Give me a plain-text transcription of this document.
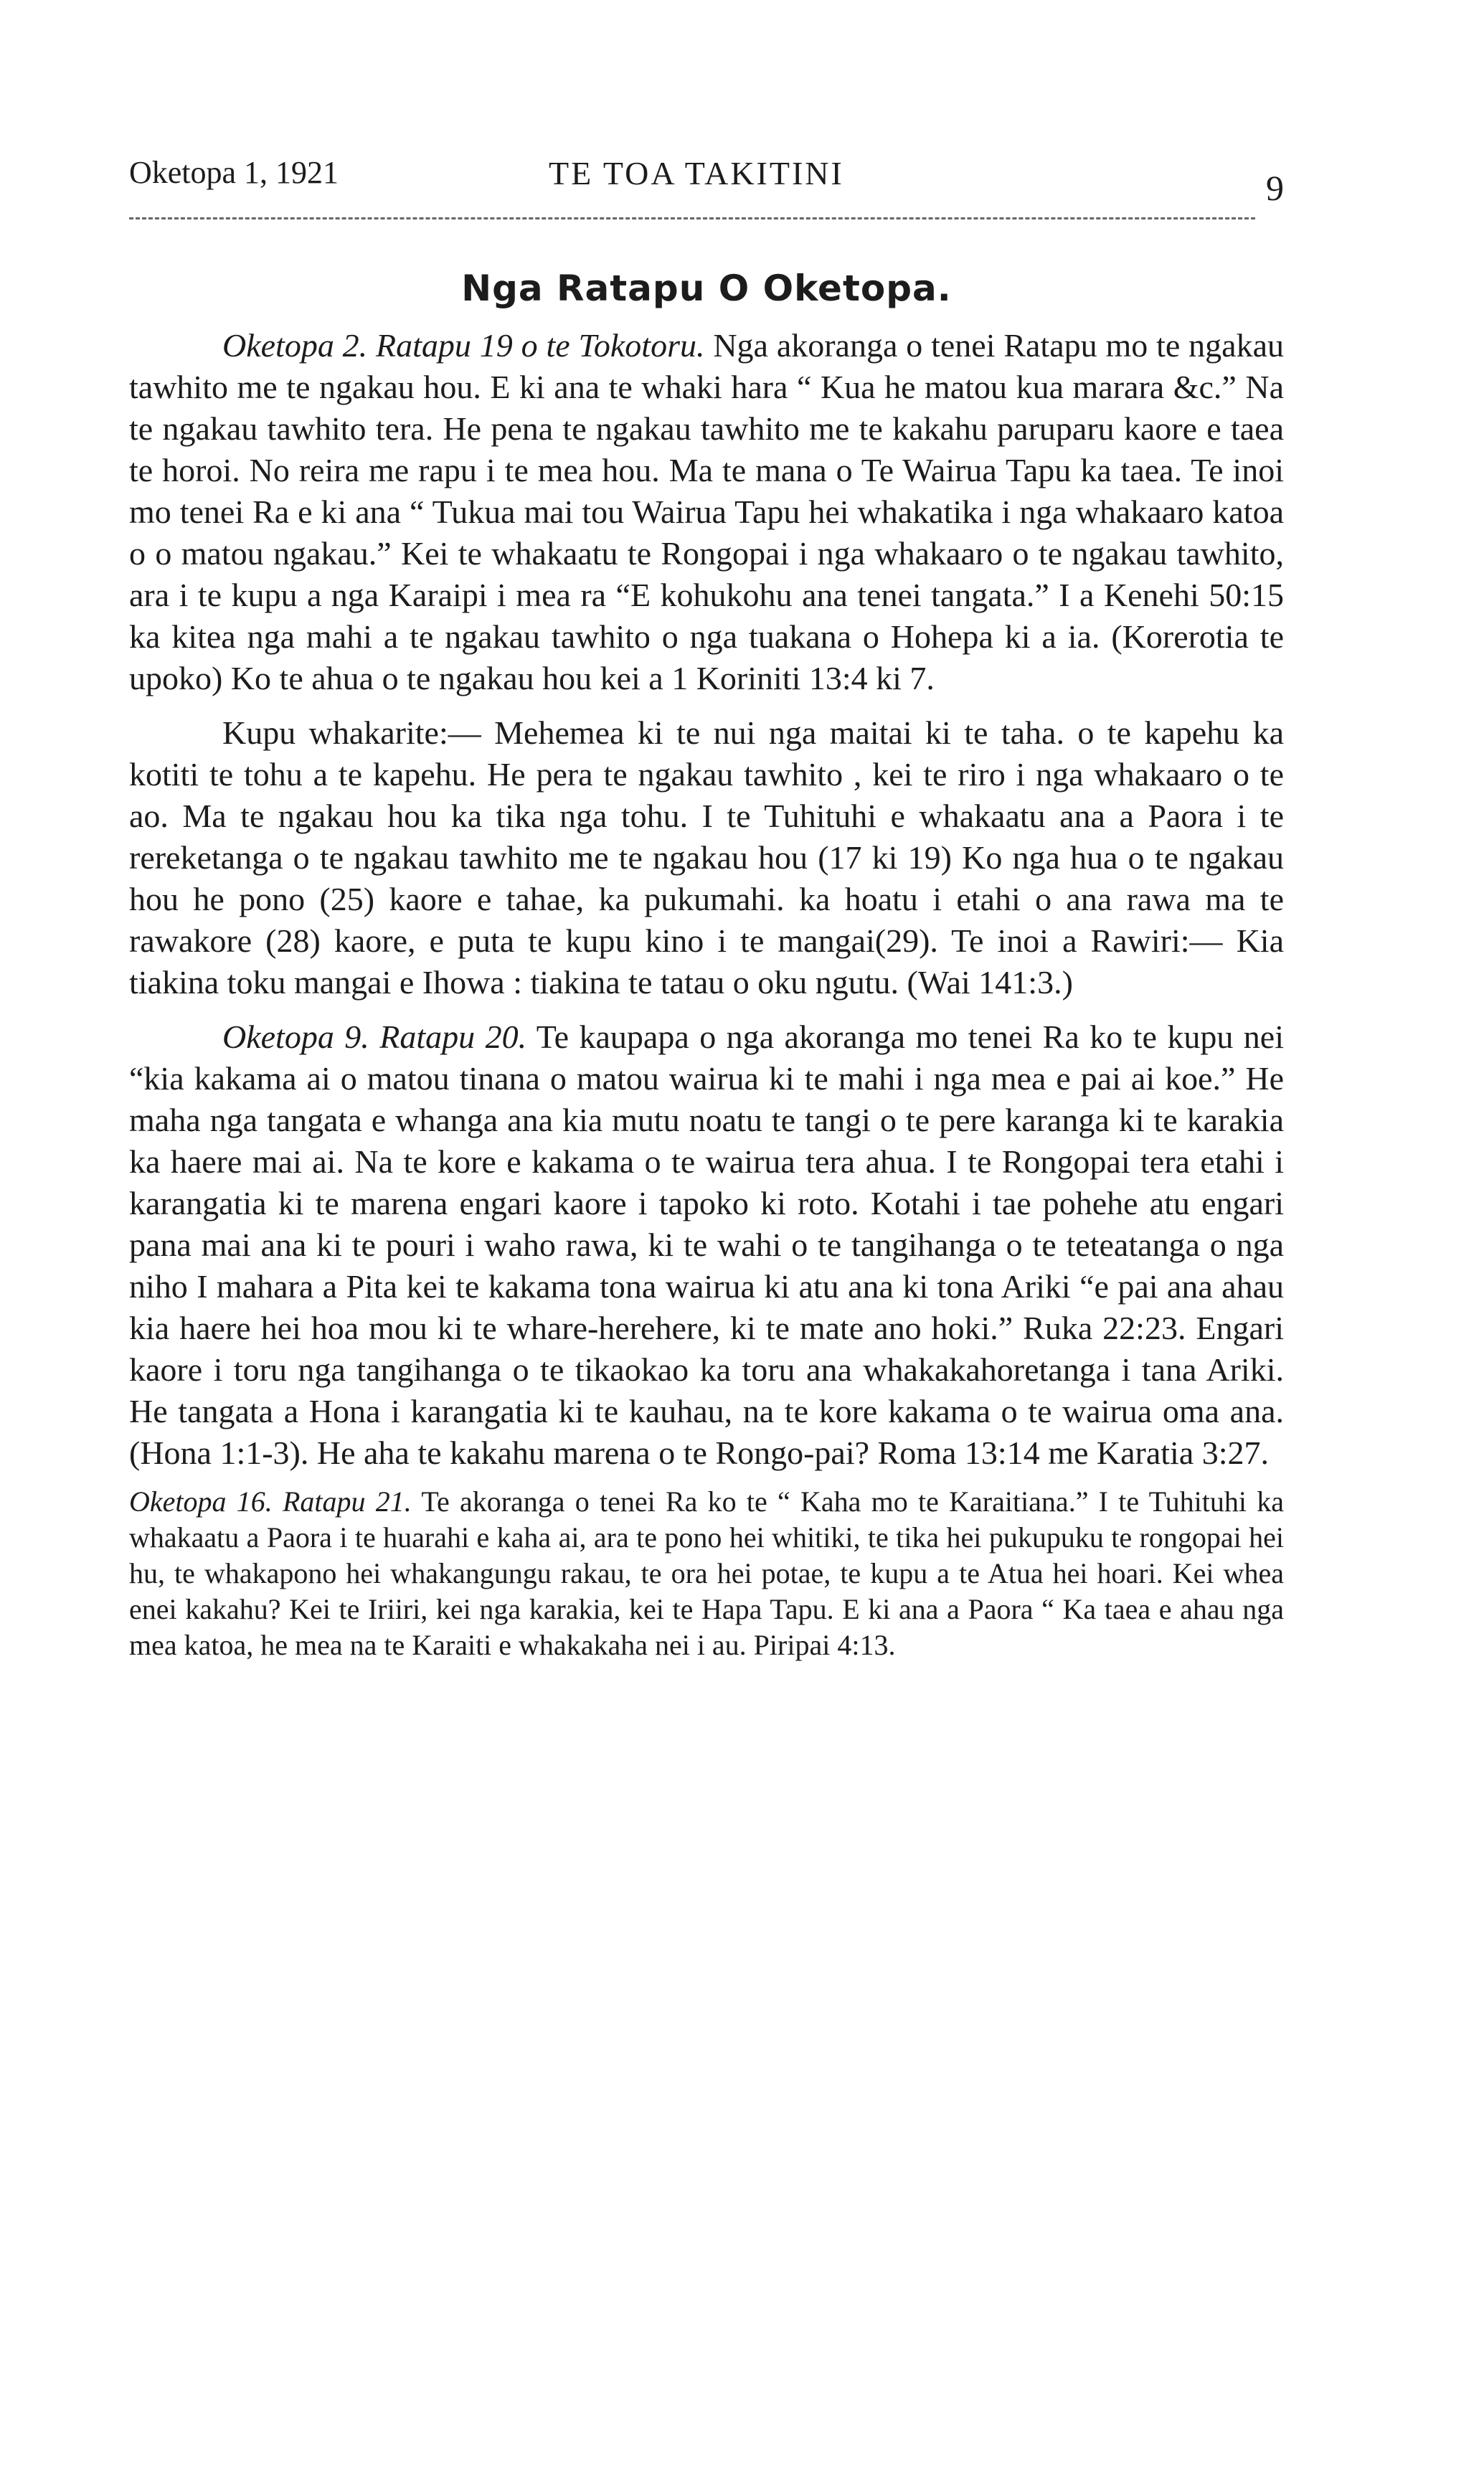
Oketopa 1, 1921	TE TOA TAKITINI	9
Nga Ratapu O Oketopa.

Oketopa 2. Ratapu 19 o te Tokotoru. Nga akoranga o tenei Ratapu mo te ngakau tawhito me te ngakau hou. E ki ana te whaki hara “ Kua he matou kua marara &c.” Na te ngakau tawhito tera. He pena te ngakau tawhito me te kakahu paruparu kaore e taea te horoi. No reira me rapu i te mea hou. Ma te mana o Te Wairua Tapu ka taea. Te inoi mo tenei Ra e ki ana “ Tukua mai tou Wairua Tapu hei whakatika i nga whakaaro katoa o o matou ngakau.” Kei te whakaatu te Rongopai i nga whakaaro o te ngakau tawhito, ara i te kupu a nga Karaipi i mea ra “E kohukohu ana tenei tangata.” I a Kenehi 50:15 ka kitea nga mahi a te ngakau tawhito o nga tuakana o Hohepa ki a ia. (Korerotia te upoko) Ko te ahua o te ngakau hou kei a 1 Koriniti 13:4 ki 7.

Kupu whakarite:— Mehemea ki te nui nga maitai ki te taha. o te kapehu ka kotiti te tohu a te kapehu. He pera te ngakau tawhito , kei te riro i nga whakaaro o te ao. Ma te ngakau hou ka tika nga tohu. I te Tuhituhi e whakaatu ana a Paora i te rereketanga o te ngakau tawhito me te ngakau hou (17 ki 19) Ko nga hua o te ngakau hou he pono (25) kaore e tahae, ka pukumahi. ka hoatu i etahi o ana rawa ma te rawakore (28) kaore, e puta te kupu kino i te mangai(29). Te inoi a Rawiri:— Kia tiakina toku mangai e Ihowa : tiakina te tatau o oku ngutu. (Wai 141:3.)

Oketopa 9. Ratapu 20. Te kaupapa o nga akoranga mo tenei Ra ko te kupu nei “kia kakama ai o matou tinana o matou wairua ki te mahi i nga mea e pai ai koe.” He maha nga tangata e whanga ana kia mutu noatu te tangi o te pere karanga ki te karakia ka haere mai ai. Na te kore e kakama o te wairua tera ahua. I te Rongopai tera etahi i karangatia ki te marena engari kaore i tapoko ki roto. Kotahi i tae pohehe atu engari pana mai ana ki te pouri i waho rawa, ki te wahi o te tangihanga o te teteatanga o nga niho I mahara a Pita kei te kakama tona wairua ki atu ana ki tona Ariki “e pai ana ahau kia haere hei hoa mou ki te whare-herehere, ki te mate ano hoki.” Ruka 22:23. Engari kaore i toru nga tangihanga o te tikaokao ka toru ana whakakahoretanga i tana Ariki. He tangata a Hona i karangatia ki te kauhau, na te kore kakama o te wairua oma ana. (Hona 1:1-3). He aha te kakahu marena o te Rongo-pai? Roma 13:14 me Karatia 3:27.

Oketopa 16. Ratapu 21. Te akoranga o tenei Ra ko te “ Kaha mo te Karaitiana.” I te Tuhituhi ka whakaatu a Paora i te huarahi e kaha ai, ara te pono hei whitiki, te tika hei pukupuku te rongopai hei hu, te whakapono hei whakangungu rakau, te ora hei potae, te kupu a te Atua hei hoari. Kei whea enei kakahu? Kei te Iriiri, kei nga karakia, kei te Hapa Tapu. E ki ana a Paora “ Ka taea e ahau nga mea katoa, he mea na te Karaiti e whakakaha nei i au. Piripai 4:13.
